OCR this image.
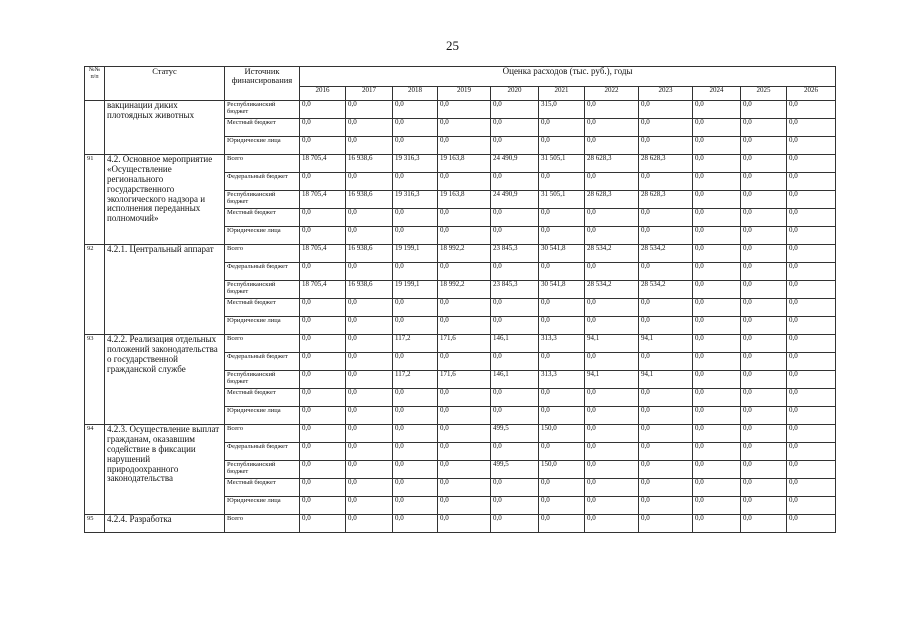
25
№№ п/п	Статус	Источник финансирования	Оценка расходов (тыс. руб.), годы										
			2016	2017	2018	2019	2020	2021	2022	2023	2024	2025	2026
	вакцинации диких плотоядных животных	Республиканский бюджет	0,0	0,0	0,0	0,0	0,0	315,0	0,0	0,0	0,0	0,0	0,0
		Местный бюджет	0,0	0,0	0,0	0,0	0,0	0,0	0,0	0,0	0,0	0,0	0,0
		Юридические лица	0,0	0,0	0,0	0,0	0,0	0,0	0,0	0,0	0,0	0,0	0,0
91	4.2. Основное мероприятие «Осуществление регионального государственного экологического надзора и исполнения переданных полномочий»	Всего	18 705,4	16 938,6	19 316,3	19 163,8	24 490,9	31 505,1	28 628,3	28 628,3	0,0	0,0	0,0
		Федеральный бюджет	0,0	0,0	0,0	0,0	0,0	0,0	0,0	0,0	0,0	0,0	0,0
		Республиканский бюджет	18 705,4	16 938,6	19 316,3	19 163,8	24 490,9	31 505,1	28 628,3	28 628,3	0,0	0,0	0,0
		Местный бюджет	0,0	0,0	0,0	0,0	0,0	0,0	0,0	0,0	0,0	0,0	0,0
		Юридические лица	0,0	0,0	0,0	0,0	0,0	0,0	0,0	0,0	0,0	0,0	0,0
92	4.2.1. Центральный аппарат	Всего	18 705,4	16 938,6	19 199,1	18 992,2	23 845,3	30 541,8	28 534,2	28 534,2	0,0	0,0	0,0
		Федеральный бюджет	0,0	0,0	0,0	0,0	0,0	0,0	0,0	0,0	0,0	0,0	0,0
		Республиканский бюджет	18 705,4	16 938,6	19 199,1	18 992,2	23 845,3	30 541,8	28 534,2	28 534,2	0,0	0,0	0,0
		Местный бюджет	0,0	0,0	0,0	0,0	0,0	0,0	0,0	0,0	0,0	0,0	0,0
		Юридические лица	0,0	0,0	0,0	0,0	0,0	0,0	0,0	0,0	0,0	0,0	0,0
93	4.2.2. Реализация отдельных положений законодательства о государственной гражданской службе	Всего	0,0	0,0	117,2	171,6	146,1	313,3	94,1	94,1	0,0	0,0	0,0
		Федеральный бюджет	0,0	0,0	0,0	0,0	0,0	0,0	0,0	0,0	0,0	0,0	0,0
		Республиканский бюджет	0,0	0,0	117,2	171,6	146,1	313,3	94,1	94,1	0,0	0,0	0,0
		Местный бюджет	0,0	0,0	0,0	0,0	0,0	0,0	0,0	0,0	0,0	0,0	0,0
		Юридические лица	0,0	0,0	0,0	0,0	0,0	0,0	0,0	0,0	0,0	0,0	0,0
94	4.2.3. Осуществление выплат гражданам, оказавшим содействие в фиксации нарушений природоохранного законодательства	Всего	0,0	0,0	0,0	0,0	499,5	150,0	0,0	0,0	0,0	0,0	0,0
		Федеральный бюджет	0,0	0,0	0,0	0,0	0,0	0,0	0,0	0,0	0,0	0,0	0,0
		Республиканский бюджет	0,0	0,0	0,0	0,0	499,5	150,0	0,0	0,0	0,0	0,0	0,0
		Местный бюджет	0,0	0,0	0,0	0,0	0,0	0,0	0,0	0,0	0,0	0,0	0,0
		Юридические лица	0,0	0,0	0,0	0,0	0,0	0,0	0,0	0,0	0,0	0,0	0,0
95	4.2.4. Разработка	Всего	0,0	0,0	0,0	0,0	0,0	0,0	0,0	0,0	0,0	0,0	0,0
